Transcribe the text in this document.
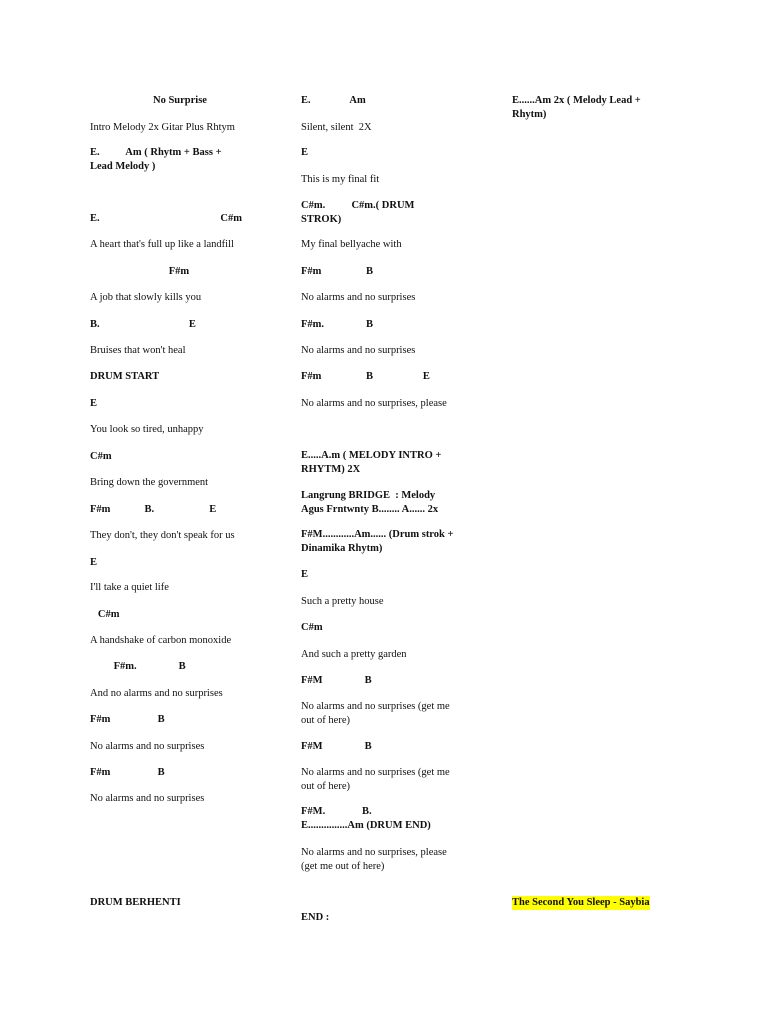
No Surprise
Intro Melody 2x Gitar Plus Rhtym
E.          Am ( Rhytm + Bass +
Lead Melody )
E.                                              C#m
A heart that's full up like a landfill
F#m
A job that slowly kills you
B.                                  E
Bruises that won't heal
DRUM START
E
You look so tired, unhappy
C#m
Bring down the government
F#m             B.                     E
They don't, they don't speak for us
E
I'll take a quiet life
C#m
A handshake of carbon monoxide
F#m.                B
And no alarms and no surprises
F#m                  B
No alarms and no surprises
F#m                  B
No alarms and no surprises
DRUM BERHENTI
E.               Am
Silent, silent  2X
E
This is my final fit
C#m.          C#m.( DRUM
STROK)
My final bellyache with
F#m                 B
No alarms and no surprises
F#m.                B
No alarms and no surprises
F#m                 B                   E
No alarms and no surprises, please
E.....A.m ( MELODY INTRO +
RHYTM) 2X
Langrung BRIDGE  : Melody
Agus Frntwnty B........ A...... 2x
F#M............Am...... (Drum strok +
Dinamika Rhytm)
E
Such a pretty house
C#m
And such a pretty garden
F#M                B
No alarms and no surprises (get me
out of here)
F#M                B
No alarms and no surprises (get me
out of here)
F#M.              B.
E...............Am (DRUM END)
No alarms and no surprises, please
(get me out of here)
END :
E......Am 2x ( Melody Lead +
Rhytm)
The Second You Sleep - Saybia
